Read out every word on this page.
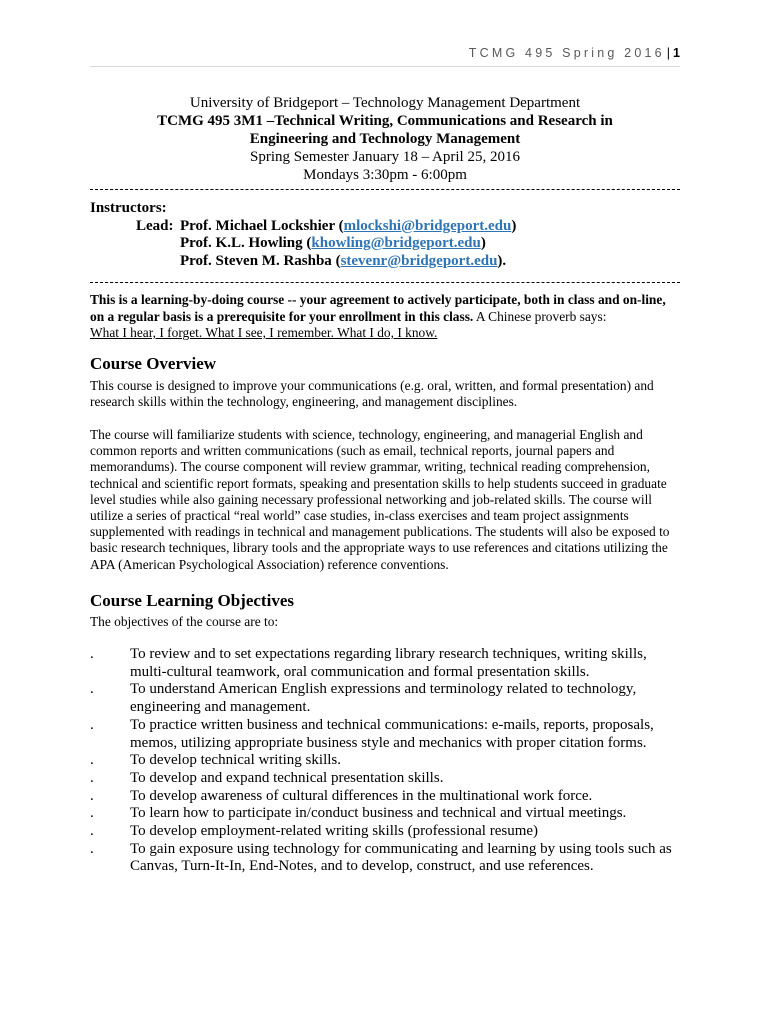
TCMG 495 Spring 2016 | 1
University of Bridgeport – Technology Management Department
TCMG 495 3M1 –Technical Writing, Communications and Research in
Engineering and Technology Management
Spring Semester January 18 – April 25, 2016
Mondays 3:30pm - 6:00pm
Instructors:
Lead: Prof. Michael Lockshier (mlockshi@bridgeport.edu)
Prof. K.L. Howling (khowling@bridgeport.edu)
Prof. Steven M. Rashba (stevenr@bridgeport.edu).
This is a learning-by-doing course -- your agreement to actively participate, both in class and on-line, on a regular basis is a prerequisite for your enrollment in this class. A Chinese proverb says:
What I hear, I forget. What I see, I remember. What I do, I know.
Course Overview

This course is designed to improve your communications (e.g. oral, written, and formal presentation) and research skills within the technology, engineering, and management disciplines.

The course will familiarize students with science, technology, engineering, and managerial English and common reports and written communications (such as email, technical reports, journal papers and memorandums). The course component will review grammar, writing, technical reading comprehension, technical and scientific report formats, speaking and presentation skills to help students succeed in graduate level studies while also gaining necessary professional networking and job-related skills. The course will utilize a series of practical “real world” case studies, in-class exercises and team project assignments supplemented with readings in technical and management publications. The students will also be exposed to basic research techniques, library tools and the appropriate ways to use references and citations utilizing the APA (American Psychological Association) reference conventions.

Course Learning Objectives

The objectives of the course are to:

. To review and to set expectations regarding library research techniques, writing skills,
multi-cultural teamwork, oral communication and formal presentation skills.
. To understand American English expressions and terminology related to technology,
engineering and management.
. To practice written business and technical communications: e-mails, reports, proposals,
memos, utilizing appropriate business style and mechanics with proper citation forms.
. To develop technical writing skills.
. To develop and expand technical presentation skills.
. To develop awareness of cultural differences in the multinational work force.
. To learn how to participate in/conduct business and technical and virtual meetings.
. To develop employment-related writing skills (professional resume)
. To gain exposure using technology for communicating and learning by using tools such as
Canvas, Turn-It-In, End-Notes, and to develop, construct, and use references.
